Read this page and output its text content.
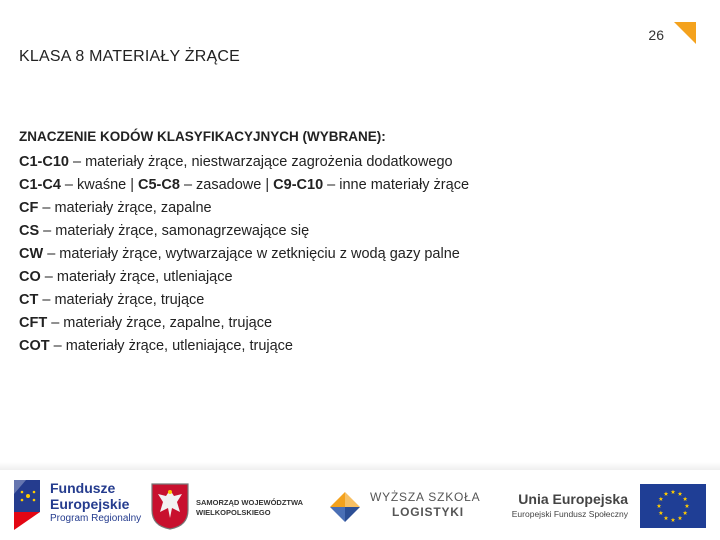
26
KLASA 8 MATERIAŁY ŻRĄCE
ZNACZENIE KODÓW KLASYFIKACYJNYCH (WYBRANE):
C1-C10 – materiały żrące, niestwarzające zagrożenia dodatkowego
C1-C4 – kwaśne | C5-C8 – zasadowe | C9-C10 – inne materiały żrące
CF – materiały żrące, zapalne
CS – materiały żrące, samonagrzewające się
CW – materiały żrące, wytwarzające w zetknięciu z wodą gazy palne
CO – materiały żrące, utleniające
CT – materiały żrące, trujące
CFT – materiały żrące, zapalne, trujące
COT – materiały żrące, utleniające, trujące
Fundusze
Europejskie
Program Regionalny
SAMORZĄD WOJEWÓDZTWA
WIELKOPOLSKIEGO
WYŻSZA SZKOŁA
LOGISTYKI
Unia Europejska
Europejski Fundusz Społeczny
